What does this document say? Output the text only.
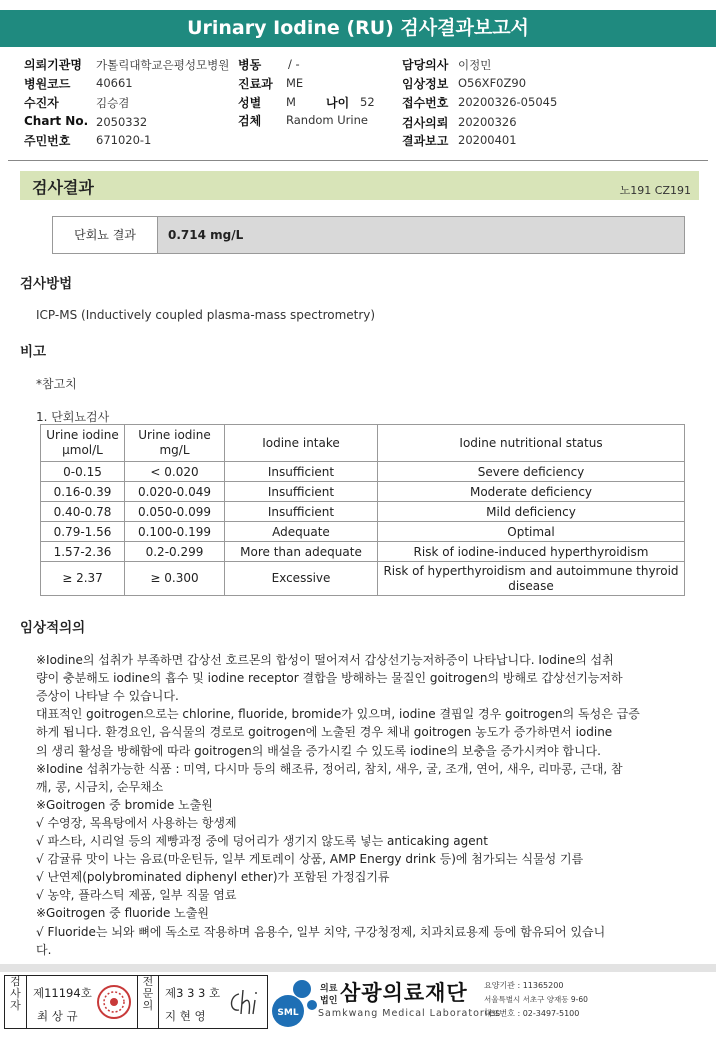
Urinary Iodine (RU) 검사결과보고서
의뢰기관명 가톨릭대학교은평성모병원 병동 / -	담당의사 이정민
병원코드 40661	진료과 ME	임상정보 O56XF0Z90
수진자	김승겸	성별 M	나이 52 접수번호 20200326-05045
Chart No. 2050332	검체 Random Urine	검사의뢰 20200326
주민번호 671020-1	결과보고 20200401
검사결과	노191 CZ191
단회뇨 결과	0.714 mg/L
검사방법
ICP-MS (Inductively coupled plasma-mass spectrometry)
비고
*참고치
1. 단회뇨검사
Urine iodine μmol/L	Urine iodine mg/L	Iodine intake	Iodine nutritional status
0-0.15	< 0.020	Insufficient	Severe deficiency
0.16-0.39	0.020-0.049	Insufficient	Moderate deficiency
0.40-0.78	0.050-0.099	Insufficient	Mild deficiency
0.79-1.56	0.100-0.199	Adequate	Optimal
1.57-2.36	0.2-0.299	More than adequate	Risk of iodine-induced hyperthyroidism
≥ 2.37	≥ 0.300	Excessive	Risk of hyperthyroidism and autoimmune thyroid disease
임상적의의
※Iodine의 섭취가 부족하면 갑상선 호르몬의 합성이 떨어져서 갑상선기능저하증이 나타납니다. Iodine의 섭취
량이 충분해도 iodine의 흡수 및 iodine receptor 결합을 방해하는 물질인 goitrogen의 방해로 갑상선기능저하
증상이 나타날 수 있습니다.
대표적인 goitrogen으로는 chlorine, fluoride, bromide가 있으며, iodine 결핍일 경우 goitrogen의 독성은 급증
하게 됩니다. 환경요인, 음식물의 경로로 goitrogen에 노출된 경우 체내 goitrogen 농도가 증가하면서 iodine
의 생리 활성을 방해함에 따라 goitrogen의 배설을 증가시킬 수 있도록 iodine의 보충을 증가시켜야 합니다.
※Iodine 섭취가능한 식품 : 미역, 다시마 등의 해조류, 정어리, 참치, 새우, 굴, 조개, 연어, 새우, 리마콩, 근대, 참
깨, 콩, 시금치, 순무채소
※Goitrogen 중 bromide 노출원
√ 수영장, 목욕탕에서 사용하는 항생제
√ 파스타, 시리얼 등의 제빵과정 중에 덩어리가 생기지 않도록 넣는 anticaking agent
√ 감귤류 맛이 나는 음료(마운틴듀, 일부 게토레이 상품, AMP Energy drink 등)에 첨가되는 식물성 기름
√ 난연제(polybrominated diphenyl ether)가 포함된 가정집기류
√ 농약, 플라스틱 제품, 일부 직물 염료
※Goitrogen 중 fluoride 노출원
√ Fluoride는 뇌와 뼈에 독소로 작용하며 음용수, 일부 치약, 구강청정제, 치과치료용제 등에 함유되어 있습니
다.
검사자
제11194호
최 상 규
전문의
제3 3 3 호
지 현 영	SML
의료
법인 삼광의료재단
Samkwang Medical Laboratories
요양기관 : 11365200
서울특별시 서초구 양재동 9-60
대표번호 : 02-3497-5100
